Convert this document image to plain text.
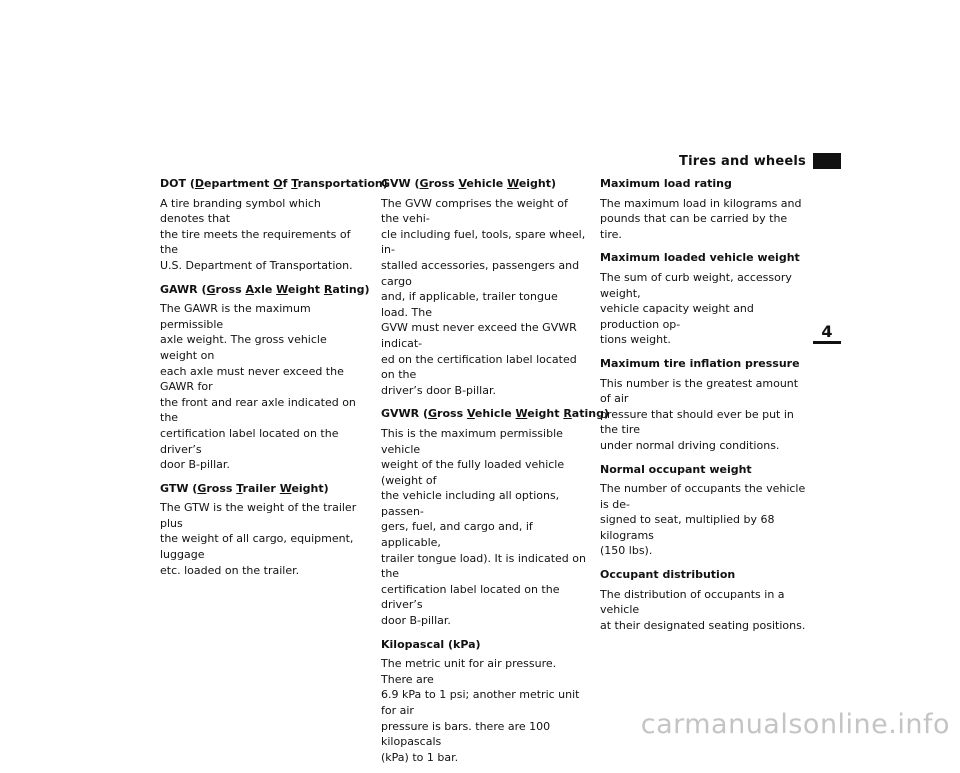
Tires and wheels
4
DOT (Department Of Transportation)
A tire branding symbol which denotes that
the tire meets the requirements of the
U.S. Department of Transportation.
GAWR (Gross Axle Weight Rating)
The GAWR is the maximum permissible
axle weight. The gross vehicle weight on
each axle must never exceed the GAWR for
the front and rear axle indicated on the
certification label located on the driver’s
door B-pillar.
GTW (Gross Trailer Weight)
The GTW is the weight of the trailer plus
the weight of all cargo, equipment, luggage
etc. loaded on the trailer.
GVW (Gross Vehicle Weight)
The GVW comprises the weight of the vehi-
cle including fuel, tools, spare wheel, in-
stalled accessories, passengers and cargo
and, if applicable, trailer tongue load. The
GVW must never exceed the GVWR indicat-
ed on the certification label located on the
driver’s door B-pillar.
GVWR (Gross Vehicle Weight Rating)
This is the maximum permissible vehicle
weight of the fully loaded vehicle (weight of
the vehicle including all options, passen-
gers, fuel, and cargo and, if applicable,
trailer tongue load). It is indicated on the
certification label located on the driver’s
door B-pillar.
Kilopascal (kPa)
The metric unit for air pressure. There are
6.9 kPa to 1 psi; another metric unit for air
pressure is bars. there are 100 kilopascals
(kPa) to 1 bar.
Maximum load rating
The maximum load in kilograms and
pounds that can be carried by the tire.
Maximum loaded vehicle weight
The sum of curb weight, accessory weight,
vehicle capacity weight and production op-
tions weight.
Maximum tire inflation pressure
This number is the greatest amount of air
pressure that should ever be put in the tire
under normal driving conditions.
Normal occupant weight
The number of occupants the vehicle is de-
signed to seat, multiplied by 68 kilograms
(150 lbs).
Occupant distribution
The distribution of occupants in a vehicle
at their designated seating positions.
carmanualsonline.info
